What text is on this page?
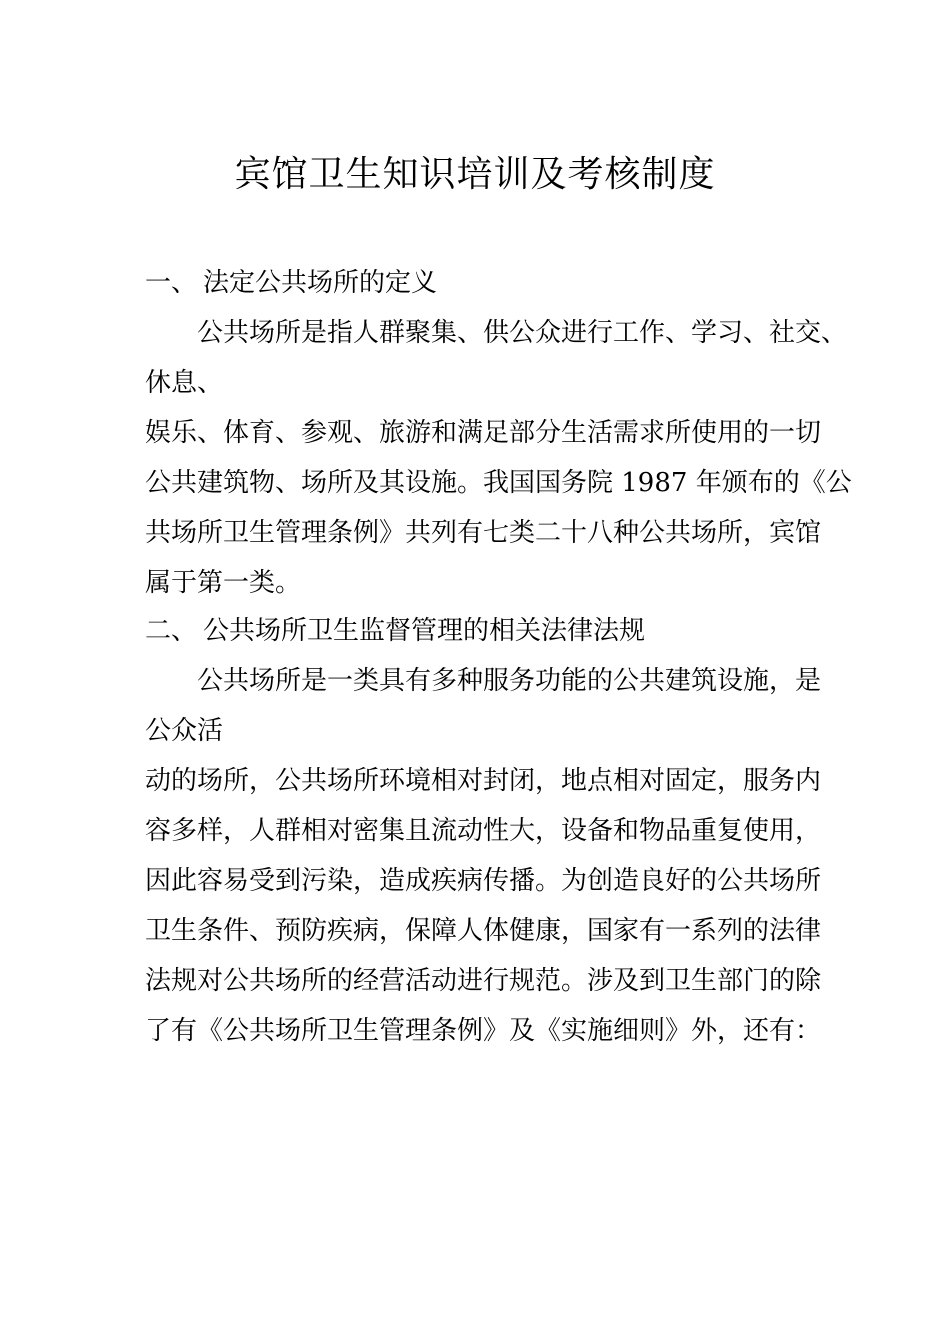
宾馆卫生知识培训及考核制度
一、 法定公共场所的定义
公共场所是指人群聚集、供公众进行工作、学习、社交、
休息、
娱乐、体育、参观、旅游和满足部分生活需求所使用的一切
公共建筑物、场所及其设施。我国国务院 1987 年颁布的《公
共场所卫生管理条例》共列有七类二十八种公共场所，宾馆
属于第一类。
二、 公共场所卫生监督管理的相关法律法规
公共场所是一类具有多种服务功能的公共建筑设施，是
公众活
动的场所，公共场所环境相对封闭，地点相对固定，服务内
容多样，人群相对密集且流动性大，设备和物品重复使用，
因此容易受到污染，造成疾病传播。为创造良好的公共场所
卫生条件、预防疾病，保障人体健康，国家有一系列的法律
法规对公共场所的经营活动进行规范。涉及到卫生部门的除
了有《公共场所卫生管理条例》及《实施细则》外，还有：
